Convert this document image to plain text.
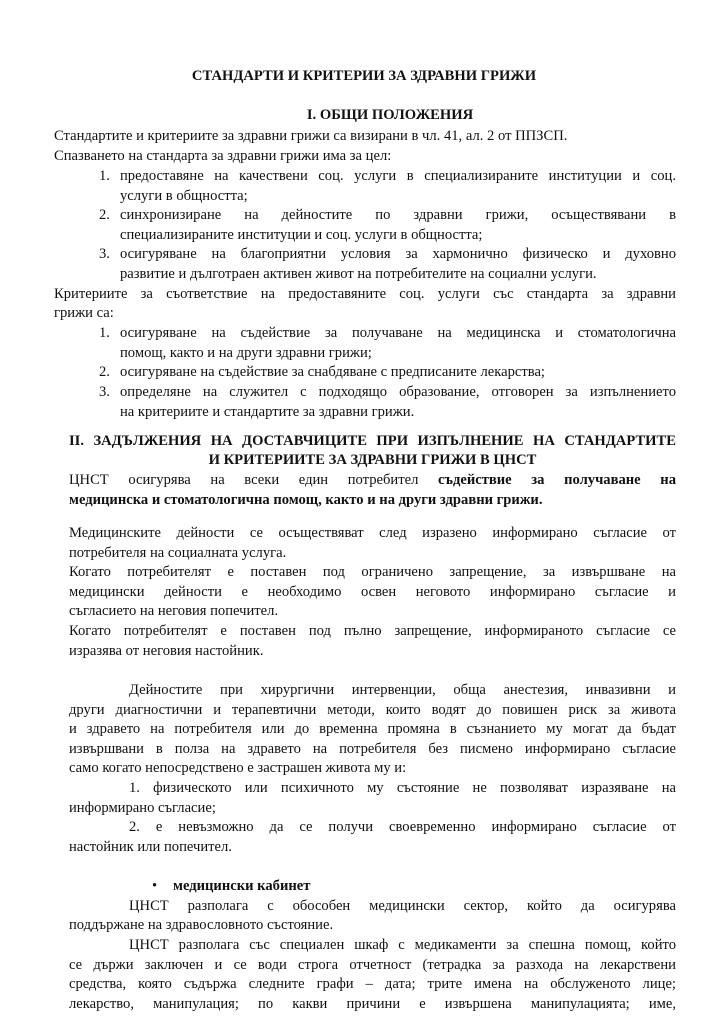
СТАНДАРТИ И КРИТЕРИИ ЗА ЗДРАВНИ ГРИЖИ
I. ОБЩИ ПОЛОЖЕНИЯ
Стандартите и критериите за здравни грижи са визирани в чл. 41, ал. 2 от ППЗСП.
Спазването на стандарта за здравни грижи има за цел:
1. предоставяне на качествени соц. услуги в специализираните институции и соц.
услуги в общността;
2. синхронизиране на дейностите по здравни грижи, осъществявани в
специализираните институции и соц. услуги в общността;
3. осигуряване на благоприятни условия за хармонично физическо и духовно
развитие и дълготраен активен живот на потребителите на социални услуги.
Критериите за съответствие на предоставяните соц. услуги със стандарта за здравни
грижи са:
1. осигуряване на съдействие за получаване на медицинска и стоматологична
помощ, както и на други здравни грижи;
2. осигуряване на съдействие за снабдяване с предписаните лекарства;
3. определяне на служител с подходящо образование, отговорен за изпълнението
на критериите и стандартите за здравни грижи.
II. ЗАДЪЛЖЕНИЯ НА ДОСТАВЧИЦИТЕ ПРИ ИЗПЪЛНЕНИЕ НА СТАНДАРТИТЕ
И КРИТЕРИИТЕ ЗА ЗДРАВНИ ГРИЖИ В ЦНСТ
ЦНСТ осигурява на всеки един потребител съдействие за получаване на
медицинска и стоматологична помощ, както и на други здравни грижи.
Медицинските дейности се осъществяват след изразено информирано съгласие от
потребителя на социалната услуга.
Когато потребителят е поставен под ограничено запрещение, за извършване на
медицински дейности е необходимо освен неговото информирано съгласие и
съгласието на неговия попечител.
Когато потребителят е поставен под пълно запрещение, информираното съгласие се
изразява от неговия настойник.
Дейностите при хирургични интервенции, обща анестезия, инвазивни и
други диагностични и терапевтични методи, които водят до повишен риск за живота
и здравето на потребителя или до временна промяна в съзнанието му могат да бъдат
извършвани в полза на здравето на потребителя без писмено информирано съгласие
само когато непосредствено е застрашен живота му и:
1. физическото или психичното му състояние не позволяват изразяване на
информирано съгласие;
2. е невъзможно да се получи своевременно информирано съгласие от
настойник или попечител.
• медицински кабинет
ЦНСТ разполага с обособен медицински сектор, който да осигурява
поддържане на здравословното състояние.
ЦНСТ разполага със специален шкаф с медикаменти за спешна помощ, който
се държи заключен и се води строга отчетност (тетрадка за разхода на лекарствени
средства, която съдържа следните графи – дата; трите имена на обслуженото лице;
лекарство, манипулация; по какви причини е извършена манипулацията; име,
